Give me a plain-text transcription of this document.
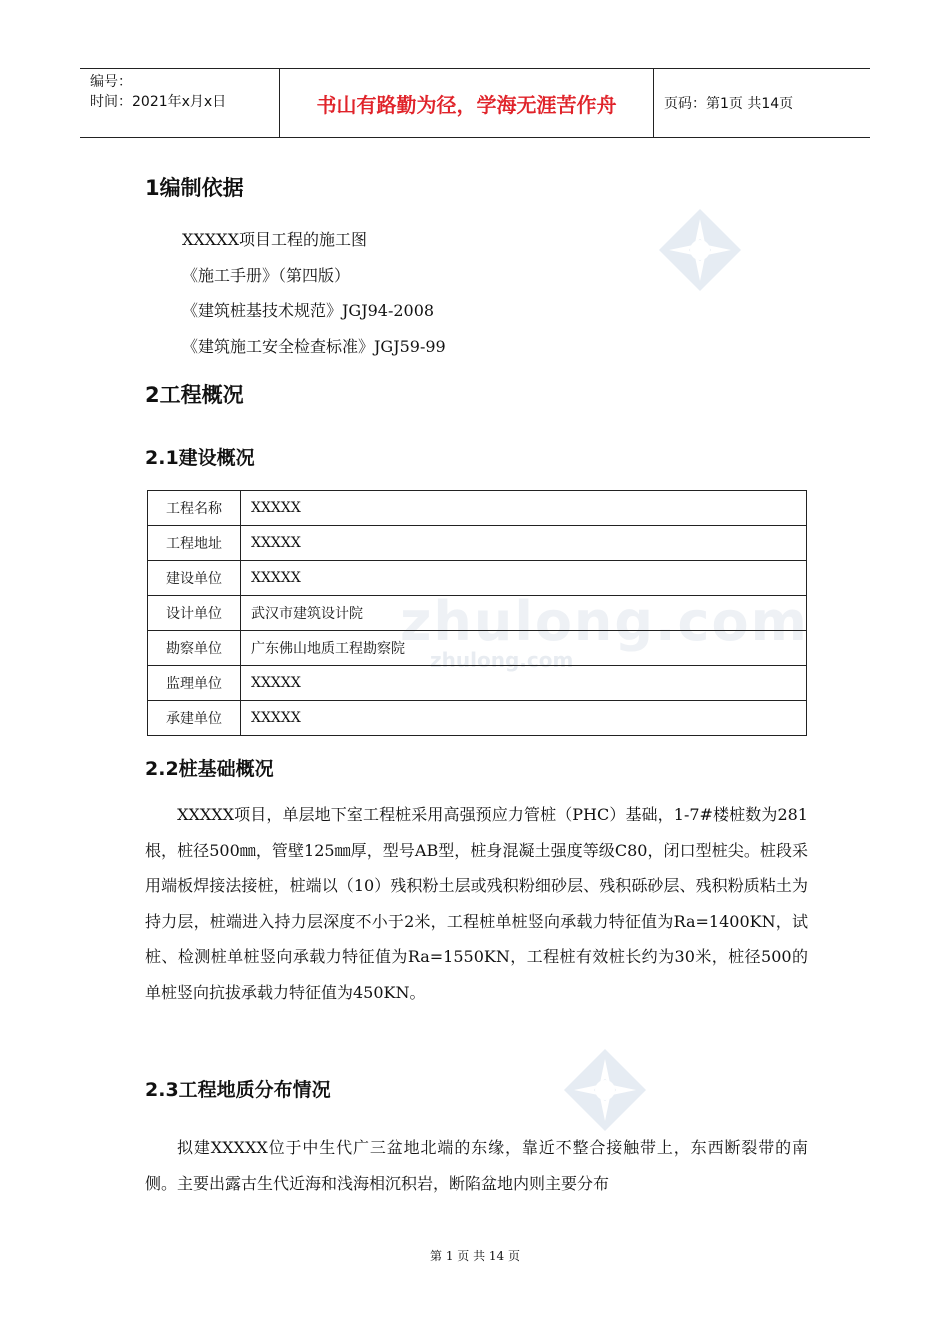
zhulong.com
zhulong.com
编号：
时间：2021年x月x日	书山有路勤为径，学海无涯苦作舟	页码：第1页 共14页
1编制依据
XXXXX项目工程的施工图
《施工手册》（第四版）
《建筑桩基技术规范》JGJ94-2008
《建筑施工安全检查标准》JGJ59-99
2工程概况
2.1建设概况
工程名称	XXXXX
工程地址	XXXXX
建设单位	XXXXX
设计单位	武汉市建筑设计院
勘察单位	广东佛山地质工程勘察院
监理单位	XXXXX
承建单位	XXXXX
2.2桩基础概况

　XXXXX项目，单层地下室工程桩采用高强预应力管桩（PHC）基础，1-7#楼桩数为281根，桩径500㎜，管壁125㎜厚，型号AB型，桩身混凝土强度等级C80，闭口型桩尖。桩段采用端板焊接法接桩，桩端以（10）残积粉土层或残积粉细砂层、残积砾砂层、残积粉质粘土为持力层，桩端进入持力层深度不小于2米，工程桩单桩竖向承载力特征值为Ra=1400KN，试桩、检测桩单桩竖向承载力特征值为Ra=1550KN，工程桩有效桩长约为30米，桩径500的单桩竖向抗拔承载力特征值为450KN。

2.3工程地质分布情况

拟建XXXXX位于中生代广三盆地北端的东缘，靠近不整合接触带上，东西断裂带的南侧。主要出露古生代近海和浅海相沉积岩，断陷盆地内则主要分布

第 1 页 共 14 页
